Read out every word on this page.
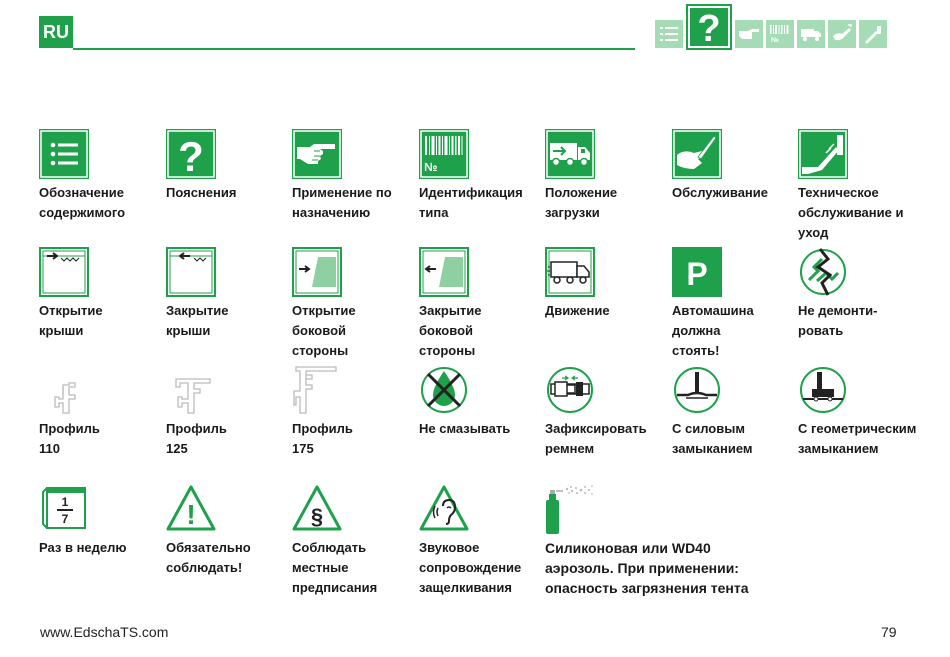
RU	?	№
Обозначение
содержимого
?
Пояснения	Применение по
назначению
№
Идентификация
типа
Положение
загрузки
Обслуживание	Техническое
обслуживание и
уход
Открытие
крыши
Закрытие
крыши
Открытие
боковой
стороны
Закрытие
боковой
стороны
Движение
P
Автомашина
должна
стоять!
Не демонти-
ровать
Профиль
110
Профиль
125
Профиль
175
Не смазывать	Зафиксировать
ремнем
С силовым
замыканием
С геометрическим
замыканием
1
7
Раз в неделю
!
Обязательно
соблюдать!
§
Соблюдать
местные
предписания
Звуковое
сопровождение
защелкивания
Силиконовая или WD40
аэрозоль. При применении:
опасность загрязнения тента
www.EdschaTS.com	79
